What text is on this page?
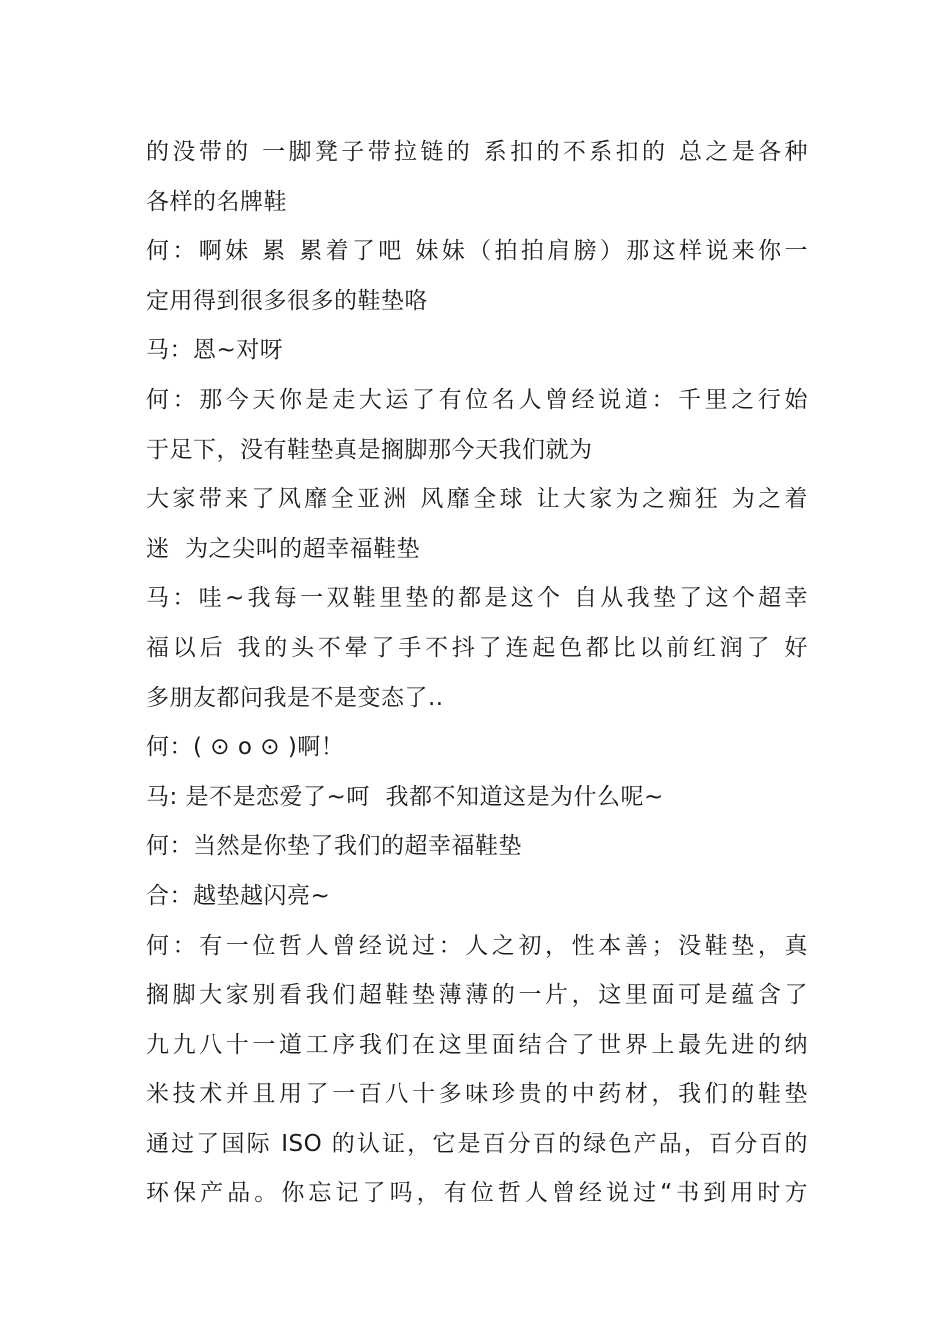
的没带的 一脚凳子带拉链的 系扣的不系扣的 总之是各种
各样的名牌鞋
何：啊妹 累 累着了吧 妹妹（拍拍肩膀）那这样说来你一
定用得到很多很多的鞋垫咯
马：恩~对呀
何：那今天你是走大运了有位名人曾经说道：千里之行始
于足下，没有鞋垫真是搁脚那今天我们就为
大家带来了风靡全亚洲 风靡全球 让大家为之痴狂 为之着
迷  为之尖叫的超幸福鞋垫
马：哇~我每一双鞋里垫的都是这个 自从我垫了这个超幸
福以后 我的头不晕了手不抖了连起色都比以前红润了 好
多朋友都问我是不是变态了..
何：( ⊙ o ⊙ )啊！
马: 是不是恋爱了~呵  我都不知道这是为什么呢~
何：当然是你垫了我们的超幸福鞋垫
合：越垫越闪亮~
何：有一位哲人曾经说过：人之初，性本善；没鞋垫，真
搁脚大家别看我们超鞋垫薄薄的一片，这里面可是蕴含了
九九八十一道工序我们在这里面结合了世界上最先进的纳
米技术并且用了一百八十多味珍贵的中药材，我们的鞋垫
通过了国际 ISO 的认证，它是百分百的绿色产品，百分百的
环保产品。你忘记了吗，有位哲人曾经说过“书到用时方
